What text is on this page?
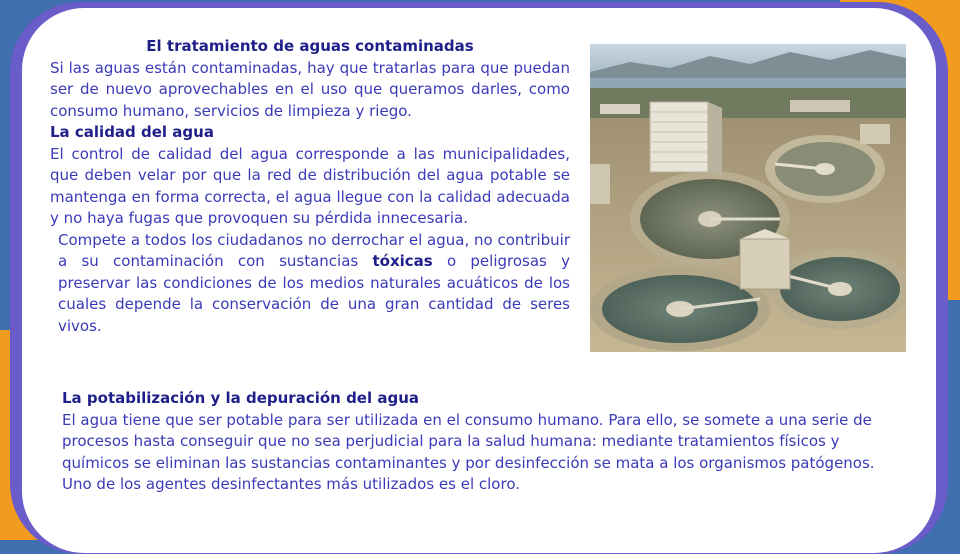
El tratamiento de aguas contaminadas

Si las aguas están contaminadas, hay que tratarlas para que puedan ser de nuevo aprovechables en el uso que queramos darles, como consumo humano, servicios de limpieza y riego.

La calidad del agua

El control de calidad del agua corresponde a las municipalidades, que deben velar por que la red de distribución del agua potable se mantenga en forma correcta, el agua llegue con la calidad adecuada y no haya fugas que provoquen su pérdida innecesaria.

Compete a todos los ciudadanos no derrochar el agua, no contribuir a su contaminación con sustancias tóxicas o peligrosas y preservar las condiciones de los medios naturales acuáticos de los cuales depende la conservación de una gran cantidad de seres vivos.

La potabilización y la depuración del agua

El agua tiene que ser potable para ser utilizada en el consumo humano. Para ello, se somete a una serie de procesos hasta conseguir que no sea perjudicial para la salud humana: mediante tratamientos físicos y químicos se eliminan las sustancias contaminantes y por desinfección se mata a los organismos patógenos. Uno de los agentes desinfectantes más utilizados es el cloro.
